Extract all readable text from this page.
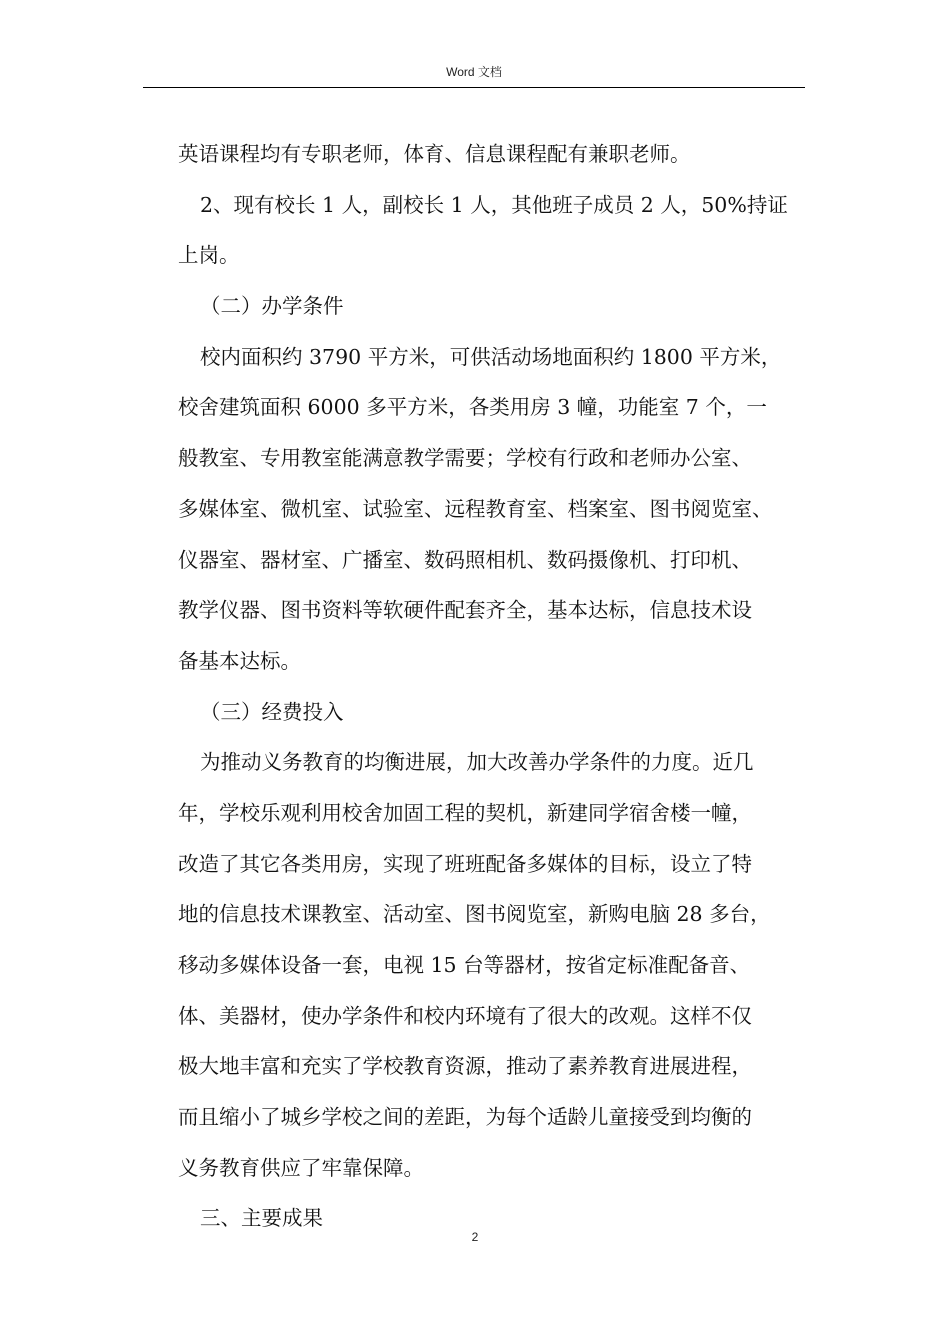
Word 文档
英语课程均有专职老师，体育、信息课程配有兼职老师。
2、现有校长 1 人，副校长 1 人，其他班子成员 2 人，50%持证
上岗。
（二）办学条件
校内面积约 3790 平方米，可供活动场地面积约 1800 平方米，
校舍建筑面积 6000 多平方米，各类用房 3 幢，功能室 7 个，一
般教室、专用教室能满意教学需要；学校有行政和老师办公室、
多媒体室、微机室、试验室、远程教育室、档案室、图书阅览室、
仪器室、器材室、广播室、数码照相机、数码摄像机、打印机、
教学仪器、图书资料等软硬件配套齐全，基本达标，信息技术设
备基本达标。
（三）经费投入
为推动义务教育的均衡进展，加大改善办学条件的力度。近几
年，学校乐观利用校舍加固工程的契机，新建同学宿舍楼一幢，
改造了其它各类用房，实现了班班配备多媒体的目标，设立了特
地的信息技术课教室、活动室、图书阅览室，新购电脑 28 多台，
移动多媒体设备一套，电视 15 台等器材，按省定标准配备音、
体、美器材，使办学条件和校内环境有了很大的改观。这样不仅
极大地丰富和充实了学校教育资源，推动了素养教育进展进程，
而且缩小了城乡学校之间的差距，为每个适龄儿童接受到均衡的
义务教育供应了牢靠保障。
三、主要成果
2
